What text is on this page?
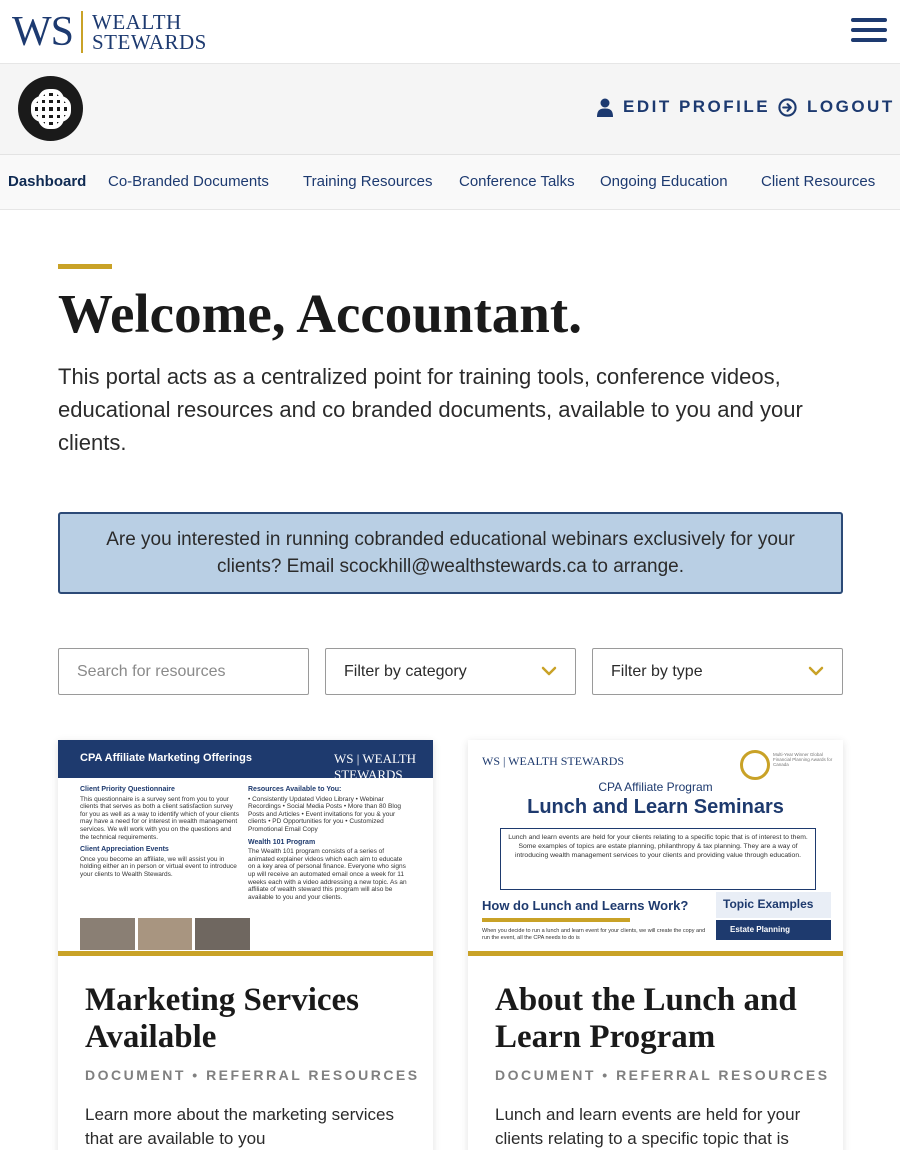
WS WEALTH
STEWARDS
EDIT PROFILE LOGOUT
Dashboard Co-Branded Documents Training Resources Conference Talks Ongoing Education Client Resources
Welcome, Accountant.

This portal acts as a centralized point for training tools, conference videos, educational resources and co branded documents, available to you and your clients.

Are you interested in running cobranded educational webinars exclusively for your clients? Email scockhill@wealthstewards.ca to arrange.
Search for resources
Filter by category	Filter by type
CPA Affiliate Marketing Offerings	WS | WEALTH STEWARDS
Client Priority Questionnaire
This questionnaire is a survey sent from you to your clients that serves as both a client satisfaction survey for you as well as a way to identify which of your clients may have a need for or interest in wealth management services. We will work with you on the questions and the technical requirements.
Client Appreciation Events
Once you become an affiliate, we will assist you in holding either an in person or virtual event to introduce your clients to Wealth Stewards.
Resources Available to You:
• Consistently Updated Video Library • Webinar Recordings • Social Media Posts • More than 80 Blog Posts and Articles • Event invitations for you & your clients • PD Opportunities for you • Customized Promotional Email Copy
Wealth 101 Program
The Wealth 101 program consists of a series of animated explainer videos which each aim to educate on a key area of personal finance. Everyone who signs up will receive an automated email once a week for 11 weeks each with a video addressing a new topic. As an affiliate of wealth steward this program will also be available to you and your clients.
Marketing Services Available
DOCUMENT • REFERRAL RESOURCES

Learn more about the marketing services that are available to you

WS | WEALTH STEWARDS	Multi-Year Winner Global Financial Planning Awards for Canada
CPA Affiliate Program
Lunch and Learn Seminars
Lunch and learn events are held for your clients relating to a specific topic that is of interest to them. Some examples of topics are estate planning, philanthropy & tax planning. They are a way of introducing wealth management services to your clients and providing value through education.
How do Lunch and Learns Work?
When you decide to run a lunch and learn event for your clients, we will create the copy and run the event, all the CPA needs to do is
Topic Examples
Estate Planning
About the Lunch and Learn Program
DOCUMENT • REFERRAL RESOURCES

Lunch and learn events are held for your clients relating to a specific topic that is
